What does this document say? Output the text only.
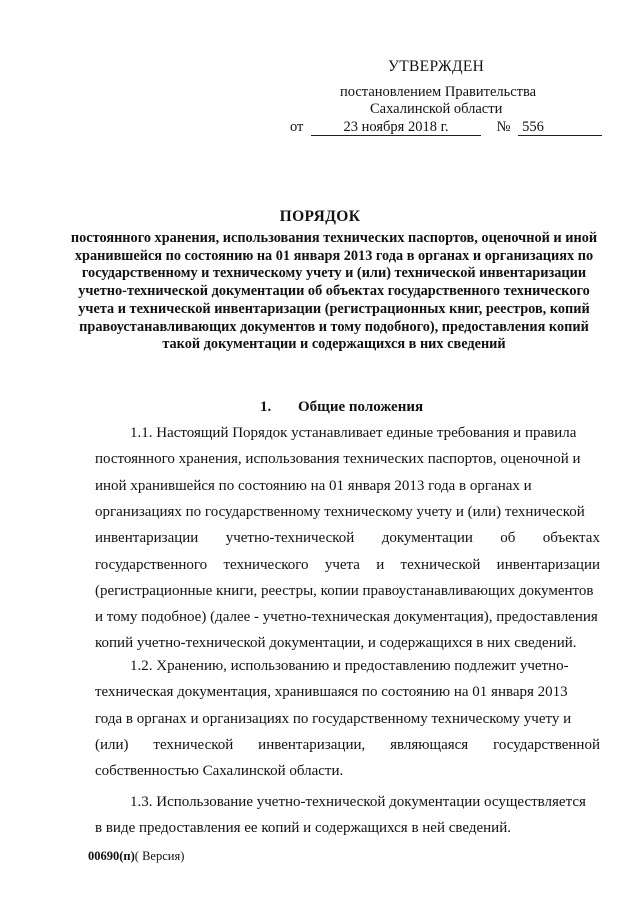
УТВЕРЖДЕН
постановлением Правительства
Сахалинской области
от	23 ноября 2018 г.	№ 556
ПОРЯДОК
постоянного хранения, использования технических паспортов, оценочной и иной хранившейся по состоянию на 01 января 2013 года в органах и организациях по государственному и техническому учету и (или) технической инвентаризации учетно-технической документации об объектах государственного технического учета и технической инвентаризации (регистрационных книг, реестров, копий правоустанавливающих документов и тому подобного), предоставления копий такой документации и содержащихся в них сведений
1. Общие положения
1.1. Настоящий Порядок устанавливает единые требования и правила
постоянного хранения, использования технических паспортов, оценочной и
иной хранившейся по состоянию на 01 января 2013 года в органах и
организациях по государственному техническому учету и (или) технической
инвентаризации учетно-технической документации об объектах
государственного технического учета и технической инвентаризации
(регистрационные книги, реестры, копии правоустанавливающих документов
и тому подобное) (далее - учетно-техническая документация), предоставления
копий учетно-технической документации, и содержащихся в них сведений.
1.2. Хранению, использованию и предоставлению подлежит учетно-
техническая документация, хранившаяся по состоянию на 01 января 2013
года в органах и организациях по государственному техническому учету и
(или) технической инвентаризации, являющаяся государственной
собственностью Сахалинской области.
1.3. Использование учетно-технической документации осуществляется
в виде предоставления ее копий и содержащихся в ней сведений.
00690(п)( Версия)
